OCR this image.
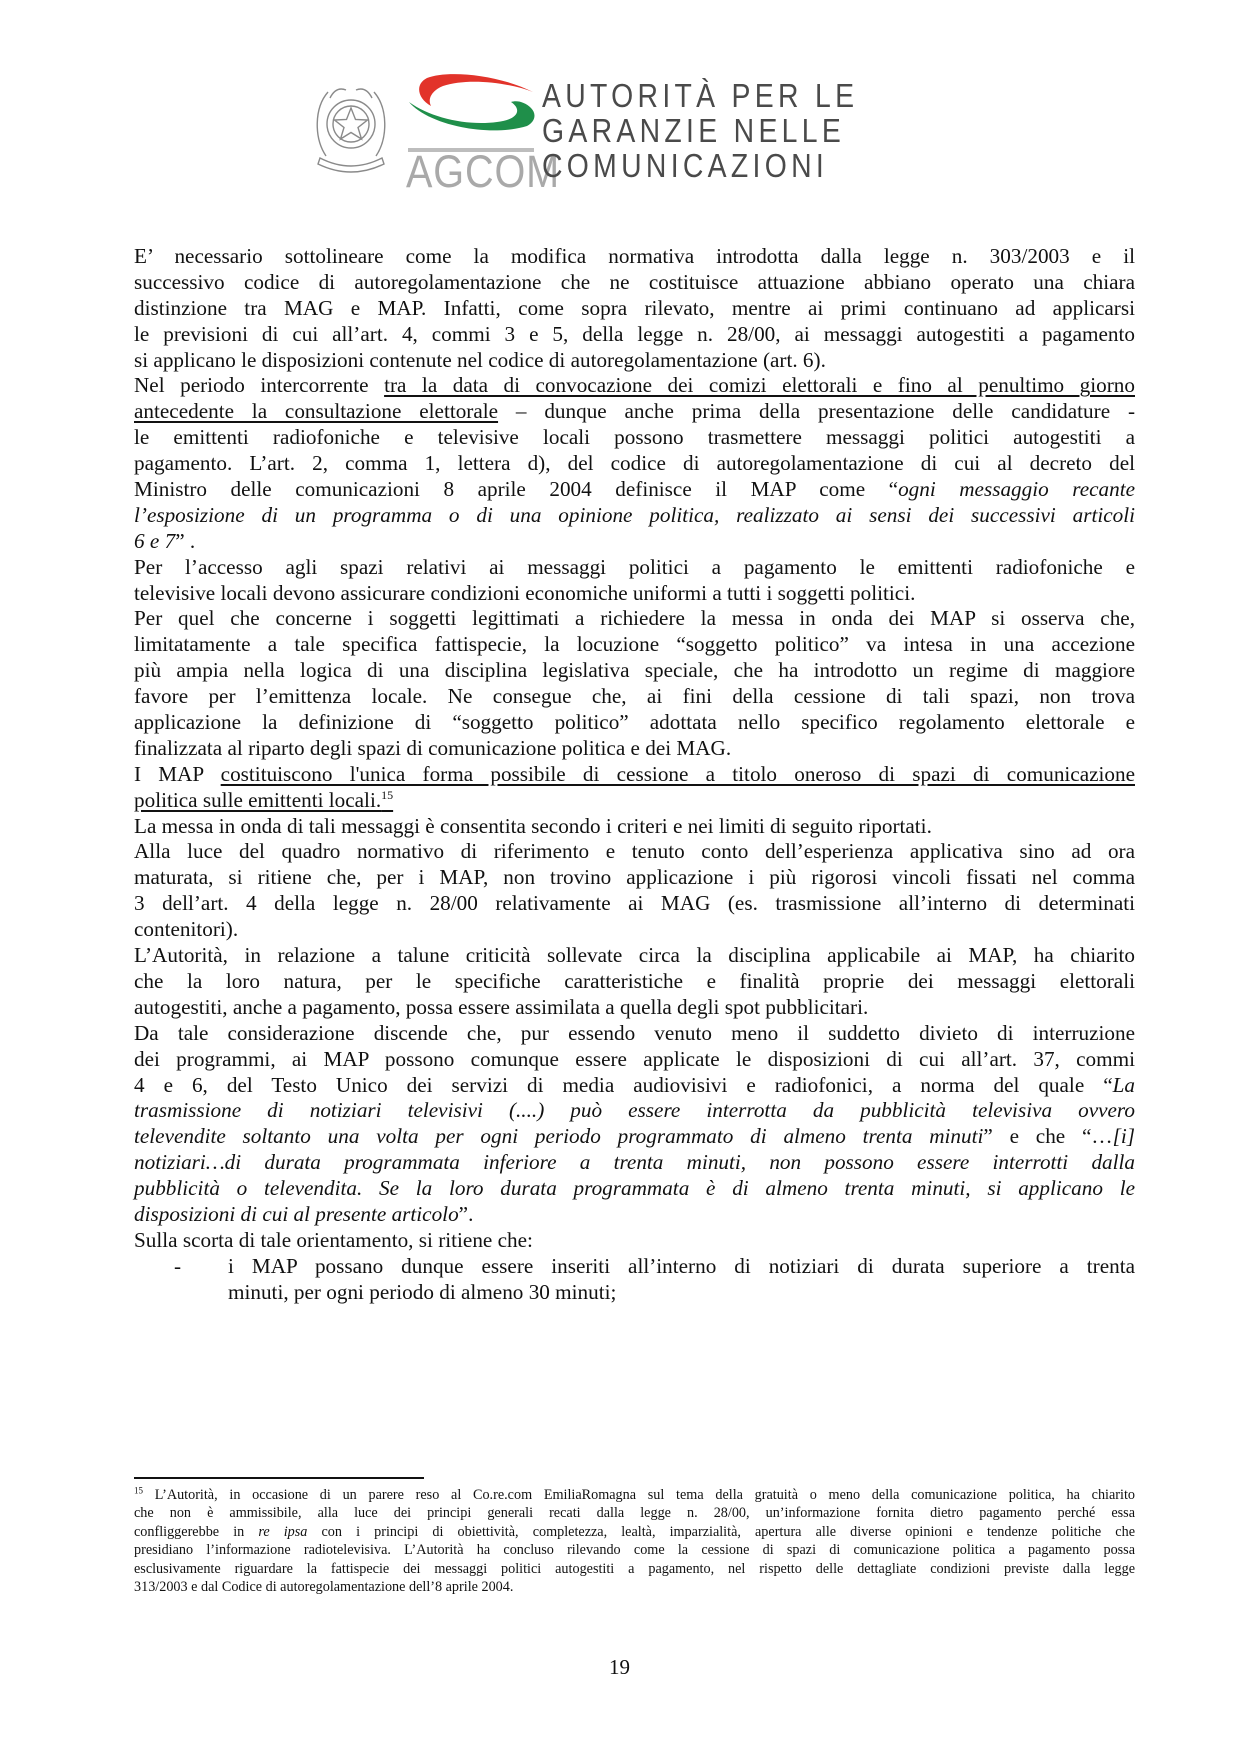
AGCOM
AUTORITÀ PER LE
GARANZIE NELLE
COMUNICAZIONI
E’ necessario sottolineare come la modifica normativa introdotta dalla legge n. 303/2003 e il
successivo codice di autoregolamentazione che ne costituisce attuazione abbiano operato una chiara
distinzione tra MAG e MAP. Infatti, come sopra rilevato, mentre ai primi continuano ad applicarsi
le previsioni di cui all’art. 4, commi 3 e 5, della legge n. 28/00, ai messaggi autogestiti a pagamento
si applicano le disposizioni contenute nel codice di autoregolamentazione (art. 6).
Nel periodo intercorrente tra la data di convocazione dei comizi elettorali e fino al penultimo giorno
antecedente la consultazione elettorale – dunque anche prima della presentazione delle candidature -
le emittenti radiofoniche e televisive locali possono trasmettere messaggi politici autogestiti a
pagamento. L’art. 2, comma 1, lettera d), del codice di autoregolamentazione di cui al decreto del
Ministro delle comunicazioni 8 aprile 2004 definisce il MAP come “ogni messaggio recante
l’esposizione di un programma o di una opinione politica, realizzato ai sensi dei successivi articoli
6 e 7” .
Per l’accesso agli spazi relativi ai messaggi politici a pagamento le emittenti radiofoniche e
televisive locali devono assicurare condizioni economiche uniformi a tutti i soggetti politici.
Per quel che concerne i soggetti legittimati a richiedere la messa in onda dei MAP si osserva che,
limitatamente a tale specifica fattispecie, la locuzione “soggetto politico” va intesa in una accezione
più ampia nella logica di una disciplina legislativa speciale, che ha introdotto un regime di maggiore
favore per l’emittenza locale. Ne consegue che, ai fini della cessione di tali spazi, non trova
applicazione la definizione di “soggetto politico” adottata nello specifico regolamento elettorale e
finalizzata al riparto degli spazi di comunicazione politica e dei MAG.
I MAP costituiscono l'unica forma possibile di cessione a titolo oneroso di spazi di comunicazione
politica sulle emittenti locali.$^{15}$
La messa in onda di tali messaggi è consentita secondo i criteri e nei limiti di seguito riportati.
Alla luce del quadro normativo di riferimento e tenuto conto dell’esperienza applicativa sino ad ora
maturata, si ritiene che, per i MAP, non trovino applicazione i più rigorosi vincoli fissati nel comma
3 dell’art. 4 della legge n. 28/00 relativamente ai MAG (es. trasmissione all’interno di determinati
contenitori).
L’Autorità, in relazione a talune criticità sollevate circa la disciplina applicabile ai MAP, ha chiarito
che la loro natura, per le specifiche caratteristiche e finalità proprie dei messaggi elettorali
autogestiti, anche a pagamento, possa essere assimilata a quella degli spot pubblicitari.
Da tale considerazione discende che, pur essendo venuto meno il suddetto divieto di interruzione
dei programmi, ai MAP possono comunque essere applicate le disposizioni di cui all’art. 37, commi
4 e 6, del Testo Unico dei servizi di media audiovisivi e radiofonici, a norma del quale “La
trasmissione di notiziari televisivi (....) può essere interrotta da pubblicità televisiva ovvero
televendite soltanto una volta per ogni periodo programmato di almeno trenta minuti” e che “…[i]
notiziari…di durata programmata inferiore a trenta minuti, non possono essere interrotti dalla
pubblicità o televendita. Se la loro durata programmata è di almeno trenta minuti, si applicano le
disposizioni di cui al presente articolo”.
Sulla scorta di tale orientamento, si ritiene che:
- i MAP possano dunque essere inseriti all’interno di notiziari di durata superiore a trenta
minuti, per ogni periodo di almeno 30 minuti;
$^{15}$ L’Autorità, in occasione di un parere reso al Co.re.com EmiliaRomagna sul tema della gratuità o meno della comunicazione politica, ha chiarito
che non è ammissibile, alla luce dei principi generali recati dalla legge n. 28/00, un’informazione fornita dietro pagamento perché essa
confliggerebbe in re ipsa con i principi di obiettività, completezza, lealtà, imparzialità, apertura alle diverse opinioni e tendenze politiche che
presidiano l’informazione radiotelevisiva. L’Autorità ha concluso rilevando come la cessione di spazi di comunicazione politica a pagamento possa
esclusivamente riguardare la fattispecie dei messaggi politici autogestiti a pagamento, nel rispetto delle dettagliate condizioni previste dalla legge
313/2003 e dal Codice di autoregolamentazione dell’8 aprile 2004.
19
